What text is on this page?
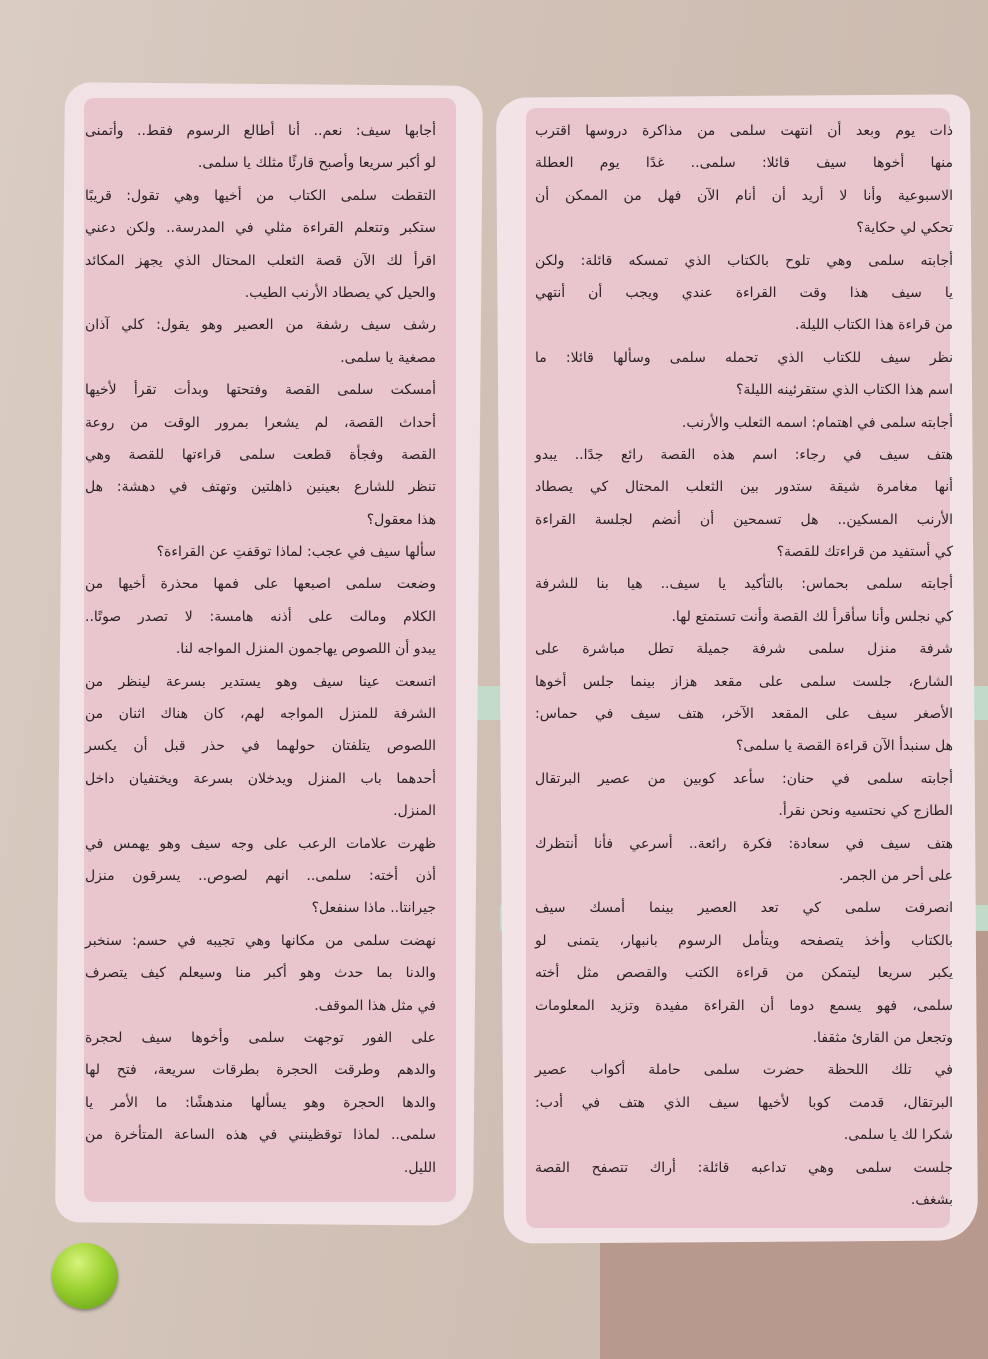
ذات يوم وبعد أن انتهت سلمى من مذاكرة دروسها اقترب
منها أخوها سيف قائلا: سلمى.. غدًا يوم العطلة
الاسبوعية وأنا لا أريد أن أنام الآن فهل من الممكن أن
تحكي لي حكاية؟
أجابته سلمى وهي تلوح بالكتاب الذي تمسكه قائلة: ولكن
يا سيف هذا وقت القراءة عندي ويجب أن أنتهي
من قراءة هذا الكتاب الليلة.
نظر سيف للكتاب الذي تحمله سلمى وسألها قائلا: ما
اسم هذا الكتاب الذي ستقرئينه الليلة؟
أجابته سلمى في اهتمام: اسمه الثعلب والأرنب.
هتف سيف في رجاء: اسم هذه القصة رائع جدًا.. يبدو
أنها مغامرة شيقة ستدور بين الثعلب المحتال كي يصطاد
الأرنب المسكين.. هل تسمحين أن أنضم لجلسة القراءة
كي أستفيد من قراءتك للقصة؟
أجابته سلمى بحماس: بالتأكيد يا سيف.. هيا بنا للشرفة
كي نجلس وأنا سأقرأ لك القصة وأنت تستمتع لها.
شرفة منزل سلمى شرفة جميلة تطل مباشرة على
الشارع، جلست سلمى على مقعد هزاز بينما جلس أخوها
الأصغر سيف على المقعد الآخر، هتف سيف في حماس:
هل سنبدأ الآن قراءة القصة يا سلمى؟
أجابته سلمى في حنان: سأعد كوبين من عصير البرتقال
الطازج كي نحتسيه ونحن نقرأ.
هتف سيف في سعادة: فكرة رائعة.. أسرعي فأنا أنتظرك
على أحر من الجمر.
انصرفت سلمى كي تعد العصير بينما أمسك سيف
بالكتاب وأخذ يتصفحه ويتأمل الرسوم بانبهار، يتمنى لو
يكبر سريعا ليتمكن من قراءة الكتب والقصص مثل أخته
سلمى، فهو يسمع دوما أن القراءة مفيدة وتزيد المعلومات
وتجعل من القارئ مثقفا.
في تلك اللحظة حضرت سلمى حاملة أكواب عصير
البرتقال، قدمت كوبا لأخيها سيف الذي هتف في أدب:
شكرا لك يا سلمى.
جلست سلمى وهي تداعبه قائلة: أراك تتصفح القصة
بشغف.
أجابها سيف: نعم.. أنا أطالع الرسوم فقط.. وأتمنى
لو أكبر سريعا وأصبح قارئًا مثلك يا سلمى.
التقطت سلمى الكتاب من أخيها وهي تقول: قريبًا
ستكبر وتتعلم القراءة مثلي في المدرسة.. ولكن دعني
اقرأ لك الآن قصة الثعلب المحتال الذي يجهز المكائد
والحيل كي يصطاد الأرنب الطيب.
رشف سيف رشفة من العصير وهو يقول: كلي آذان
مصغية يا سلمى.
أمسكت سلمى القصة وفتحتها وبدأت تقرأ لأخيها
أحداث القصة، لم يشعرا بمرور الوقت من روعة
القصة وفجأة قطعت سلمى قراءتها للقصة وهي
تنظر للشارع بعينين ذاهلتين وتهتف في دهشة: هل
هذا معقول؟
سألها سيف في عجب: لماذا توقفتِ عن القراءة؟
وضعت سلمى اصبعها على فمها محذرة أخيها من
الكلام ومالت على أذنه هامسة: لا تصدر صوتًا..
يبدو أن اللصوص يهاجمون المنزل المواجه لنا.
اتسعت عينا سيف وهو يستدير بسرعة لينظر من
الشرفة للمنزل المواجه لهم، كان هناك اثنان من
اللصوص يتلفتان حولهما في حذر قبل أن يكسر
أحدهما باب المنزل ويدخلان بسرعة ويختفيان داخل
المنزل.
ظهرت علامات الرعب على وجه سيف وهو يهمس في
أذن أخته: سلمى.. انهم لصوص.. يسرقون منزل
جيرانتا.. ماذا سنفعل؟
نهضت سلمى من مكانها وهي تجيبه في حسم: سنخبر
والدنا بما حدث وهو أكبر منا وسيعلم كيف يتصرف
في مثل هذا الموقف.
على الفور توجهت سلمى وأخوها سيف لحجرة
والدهم وطرقت الحجرة بطرقات سريعة، فتح لها
والدها الحجرة وهو يسألها مندهشًا: ما الأمر يا
سلمى.. لماذا توقظينني في هذه الساعة المتأخرة من
الليل.
